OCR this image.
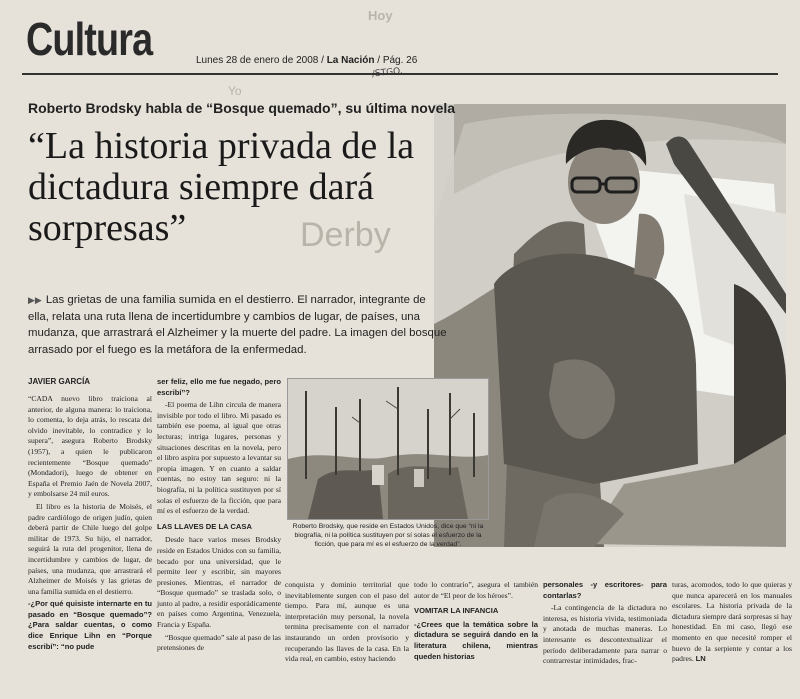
Cultura	Hoy
Yo
Derby
Lunes 28 de enero de 2008 / La Nación / Pág. 26
Roberto Brodsky habla de “Bosque quemado”, su última novela
“La historia privada de la dictadura siempre dará sorpresas”
▶▶ Las grietas de una familia sumida en el destierro. El narrador, integrante de ella, relata una ruta llena de incertidumbre y cambios de lugar, de países, una mudanza, que arrastrará el Alzheimer y la muerte del padre. La imagen del bosque arrasado por el fuego es la metáfora de la enfermedad.
JAVIER GARCÍA

“CADA nuevo libro traiciona al anterior, de alguna manera: lo traiciona, lo comenta, lo deja atrás, lo rescata del olvido inevitable, lo contradice y lo supera”, asegura Roberto Brodsky (1957), a quien le publicaron recientemente “Bosque quemado” (Mondadori), luego de obtener en España el Premio Jaén de Novela 2007, y embolsarse 24 mil euros.

El libro es la historia de Moisés, el padre cardiólogo de origen judío, quien deberá partir de Chile luego del golpe militar de 1973. Su hijo, el narrador, seguirá la ruta del progenitor, llena de incertidumbre y cambios de lugar, de países, una mudanza, que arrastrará el Alzheimer de Moisés y las grietas de una familia sumida en el destierro.

-¿Por qué quisiste internarte en tu pasado en “Bosque quemado”? ¿Para saldar cuentas, o como dice Enrique Lihn en “Porque escribí”: “no pude

ser feliz, ello me fue negado, pero escribí”?

-El poema de Lihn circula de manera invisible por todo el libro. Mi pasado es también ese poema, al igual que otras lecturas; intriga lugares, personas y situaciones descritas en la novela, pero el libro aspira por supuesto a levantar su propia imagen. Y en cuanto a saldar cuentas, no estoy tan seguro: ni la biografía, ni la política sustituyen por sí solas el esfuerzo de la ficción, que para mí es el esfuerzo de la verdad.

LAS LLAVES DE LA CASA

Desde hace varios meses Brodsky reside en Estados Unidos con su familia, becado por una universidad, que le permite leer y escribir, sin mayores presiones. Mientras, el narrador de “Bosque quemado” se traslada solo, o junto al padre, a residir esporádicamente en países como Argentina, Venezuela, Francia y España.

“Bosque quemado” sale al paso de las pretensiones de

Roberto Brodsky, que reside en Estados Unidos, dice que “ni la biografía, ni la política sustituyen por sí solas el esfuerzo de la ficción, que para mí es el esfuerzo de la verdad”.

conquista y dominio territorial que inevitablemente surgen con el paso del tiempo. Para mí, aunque es una interpretación muy personal, la novela termina precisamente con el narrador instaurando un orden provisorio y recuperando las llaves de la casa. En la vida real, en cambio, estoy haciendo

todo lo contrario”, asegura el también autor de “El peor de los héroes”.

VOMITAR LA INFANCIA

-¿Crees que la temática sobre la dictadura se seguirá dando en la literatura chilena, mientras queden historias

personales -y escritores- para contarlas?

-La contingencia de la dictadura no interesa, es historia vivida, testimoniada y anotada de muchas maneras. Lo interesante es descontextualizar el período deliberadamente para narrar o contrarrestar intimidades, frac-

turas, acomodos, todo lo que quieras y que nunca aparecerá en los manuales escolares. La historia privada de la dictadura siempre dará sorpresas si hay honestidad. En mi caso, llegó ese momento en que necesité romper el huevo de la serpiente y contar a los padres. LN
